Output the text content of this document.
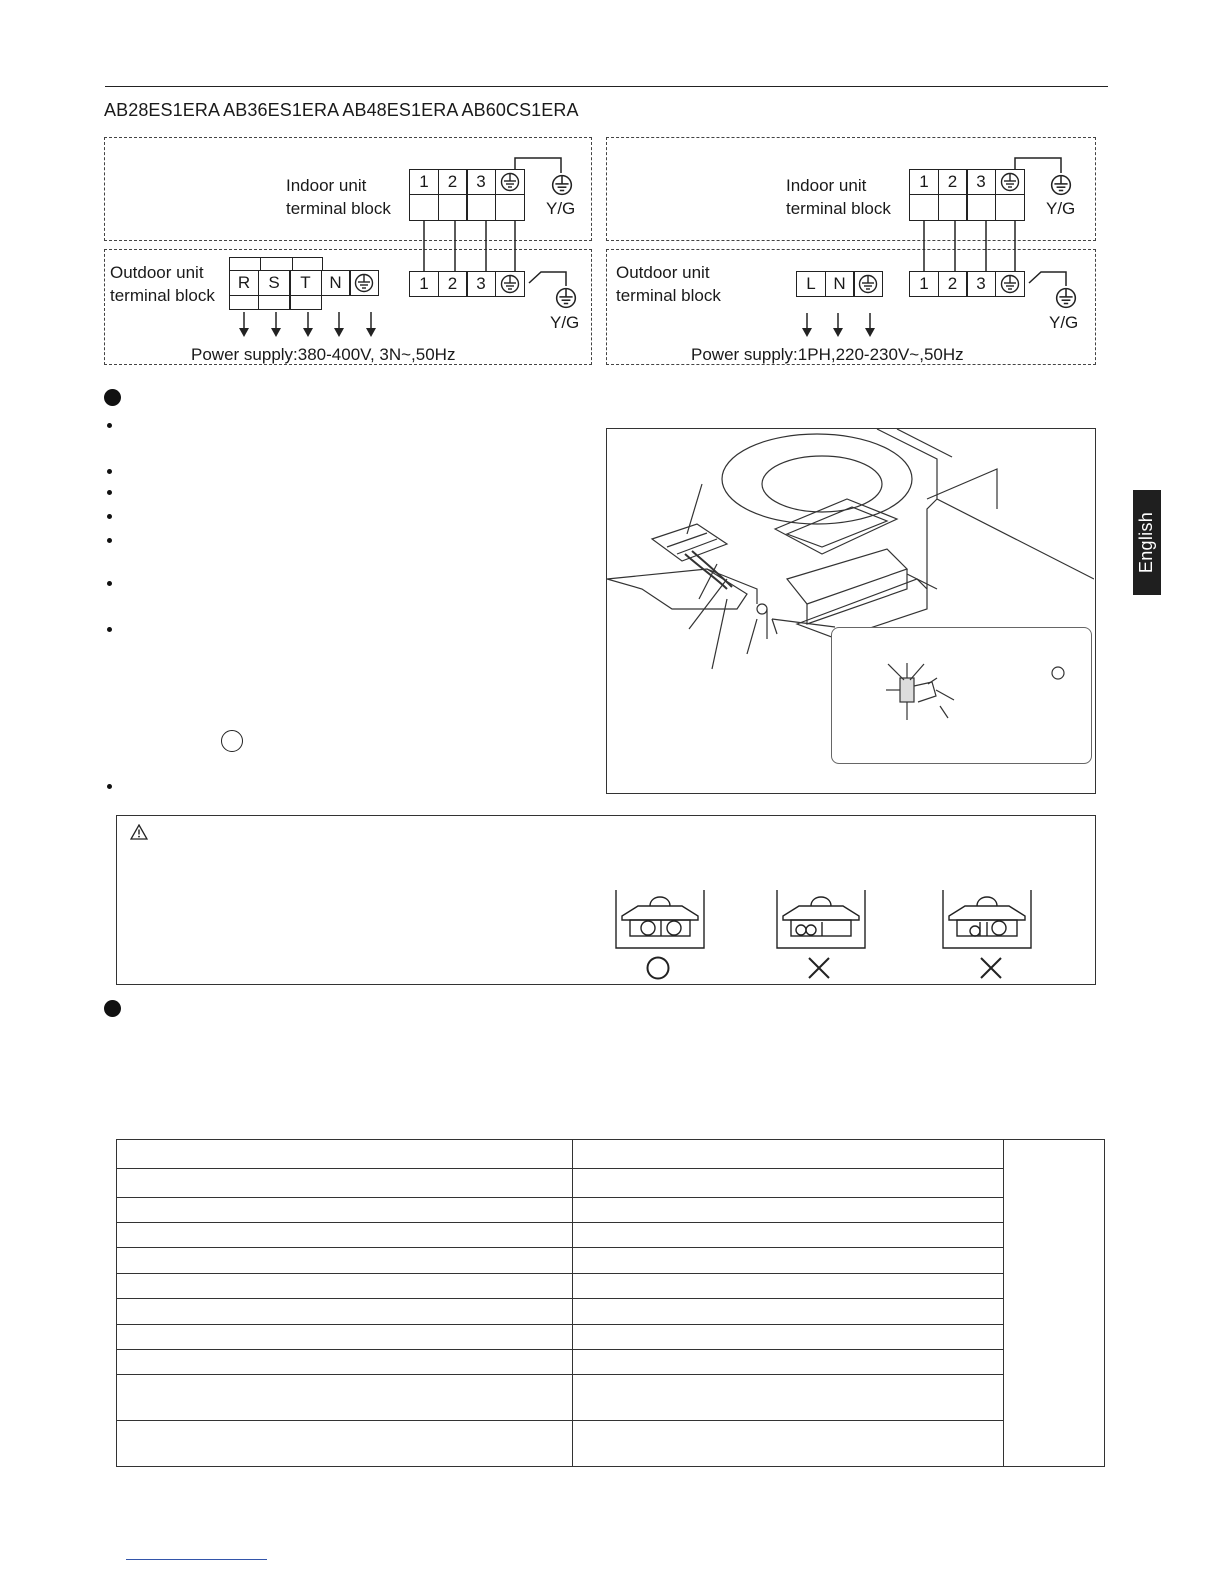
AB28ES1ERA AB36ES1ERA AB48ES1ERA AB60CS1ERA
Indoor unit
terminal block
1	2	3
Outdoor unit
terminal block
R	S	T	N	1	2	3
Y/G
Y/G
Power supply:380-400V, 3N~,50Hz
Indoor unit
terminal block
1	2	3
Outdoor unit
terminal block
L	N	1	2	3
Y/G
Y/G
Power supply:1PH,220-230V~,50Hz

English
